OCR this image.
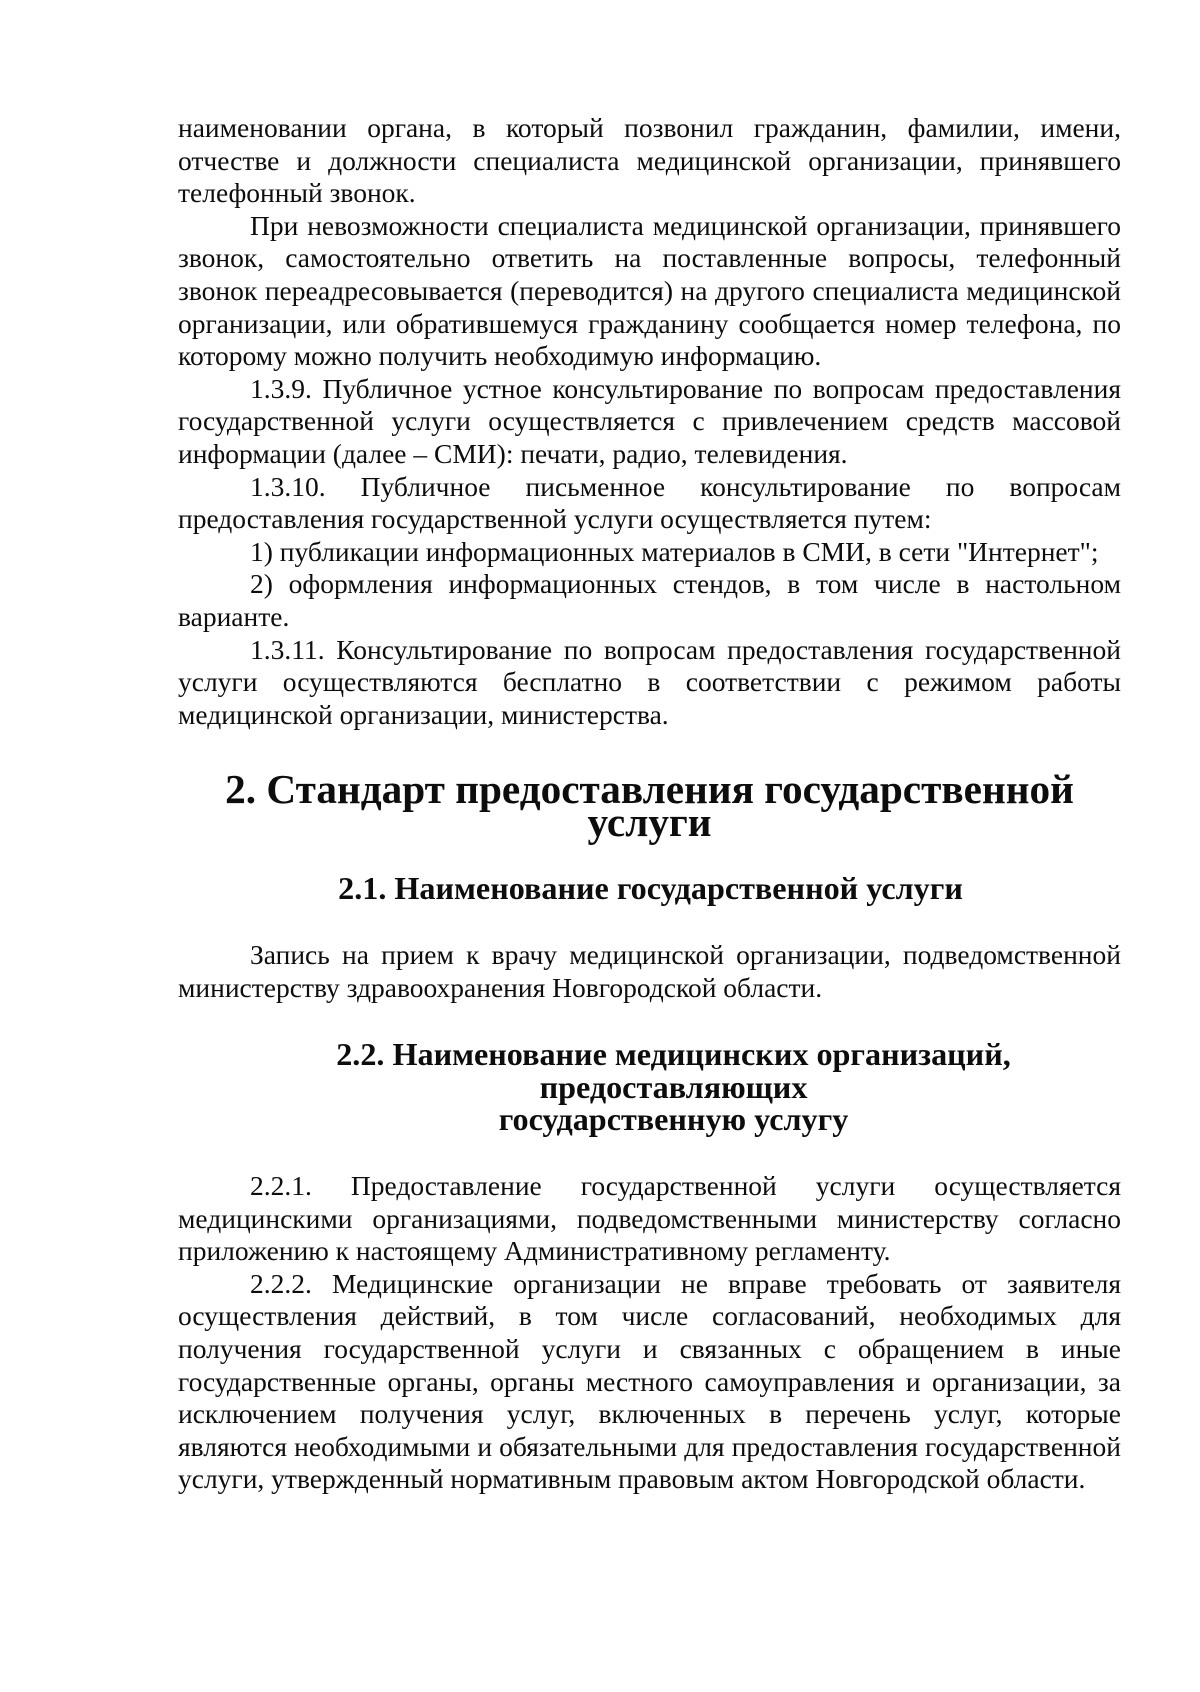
наименовании органа, в который позвонил гражданин, фамилии, имени, отчестве и должности специалиста медицинской организации, принявшего телефонный звонок.

При невозможности специалиста медицинской организации, принявшего звонок, самостоятельно ответить на поставленные вопросы, телефонный звонок переадресовывается (переводится) на другого специалиста медицинской организации, или обратившемуся гражданину сообщается номер телефона, по которому можно получить необходимую информацию.

1.3.9. Публичное устное консультирование по вопросам предоставления государственной услуги осуществляется с привлечением средств массовой информации (далее – СМИ): печати, радио, телевидения.

1.3.10. Публичное письменное консультирование по вопросам предоставления государственной услуги осуществляется путем:

1) публикации информационных материалов в СМИ, в сети "Интернет";

2) оформления информационных стендов, в том числе в настольном варианте.

1.3.11. Консультирование по вопросам предоставления государственной услуги осуществляются бесплатно в соответствии с режимом работы медицинской организации, министерства.

2. Стандарт предоставления государственной услуги
2.1. Наименование государственной услуги

Запись на прием к врачу медицинской организации, подведомственной министерству здравоохранения Новгородской области.

2.2. Наименование медицинских организаций, предоставляющих
государственную услугу

2.2.1. Предоставление государственной услуги осуществляется медицинскими организациями, подведомственными министерству согласно приложению к настоящему Административному регламенту.

2.2.2. Медицинские организации не вправе требовать от заявителя осуществления действий, в том числе согласований, необходимых для получения государственной услуги и связанных с обращением в иные государственные органы, органы местного самоуправления и организации, за исключением получения услуг, включенных в перечень услуг, которые являются необходимыми и обязательными для предоставления государственной услуги, утвержденный нормативным правовым актом Новгородской области.
